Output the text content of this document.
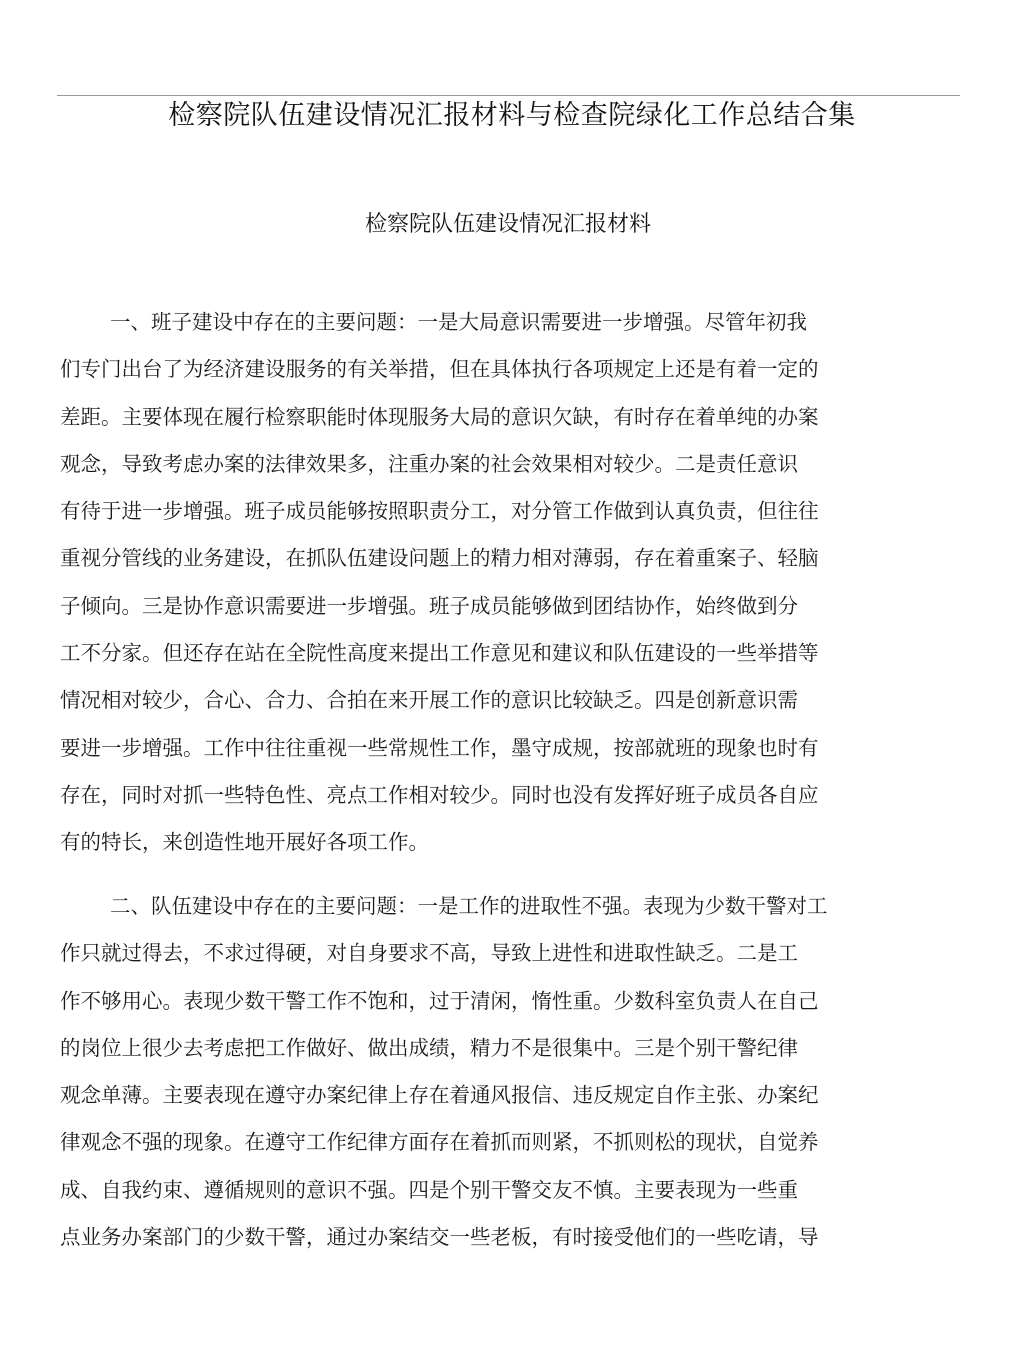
检察院队伍建设情况汇报材料与检查院绿化工作总结合集
检察院队伍建设情况汇报材料
一、班子建设中存在的主要问题：一是大局意识需要进一步增强。尽管年初我
们专门出台了为经济建设服务的有关举措，但在具体执行各项规定上还是有着一定的
差距。主要体现在履行检察职能时体现服务大局的意识欠缺，有时存在着单纯的办案
观念，导致考虑办案的法律效果多，注重办案的社会效果相对较少。二是责任意识
有待于进一步增强。班子成员能够按照职责分工，对分管工作做到认真负责，但往往
重视分管线的业务建设，在抓队伍建设问题上的精力相对薄弱，存在着重案子、轻脑
子倾向。三是协作意识需要进一步增强。班子成员能够做到团结协作，始终做到分
工不分家。但还存在站在全院性高度来提出工作意见和建议和队伍建设的一些举措等
情况相对较少，合心、合力、合拍在来开展工作的意识比较缺乏。四是创新意识需
要进一步增强。工作中往往重视一些常规性工作，墨守成规，按部就班的现象也时有
存在，同时对抓一些特色性、亮点工作相对较少。同时也没有发挥好班子成员各自应
有的特长，来创造性地开展好各项工作。
二、队伍建设中存在的主要问题：一是工作的进取性不强。表现为少数干警对工
作只就过得去，不求过得硬，对自身要求不高，导致上进性和进取性缺乏。二是工
作不够用心。表现少数干警工作不饱和，过于清闲，惰性重。少数科室负责人在自己
的岗位上很少去考虑把工作做好、做出成绩，精力不是很集中。三是个别干警纪律
观念单薄。主要表现在遵守办案纪律上存在着通风报信、违反规定自作主张、办案纪
律观念不强的现象。在遵守工作纪律方面存在着抓而则紧，不抓则松的现状，自觉养
成、自我约束、遵循规则的意识不强。四是个别干警交友不慎。主要表现为一些重
点业务办案部门的少数干警，通过办案结交一些老板，有时接受他们的一些吃请，导
